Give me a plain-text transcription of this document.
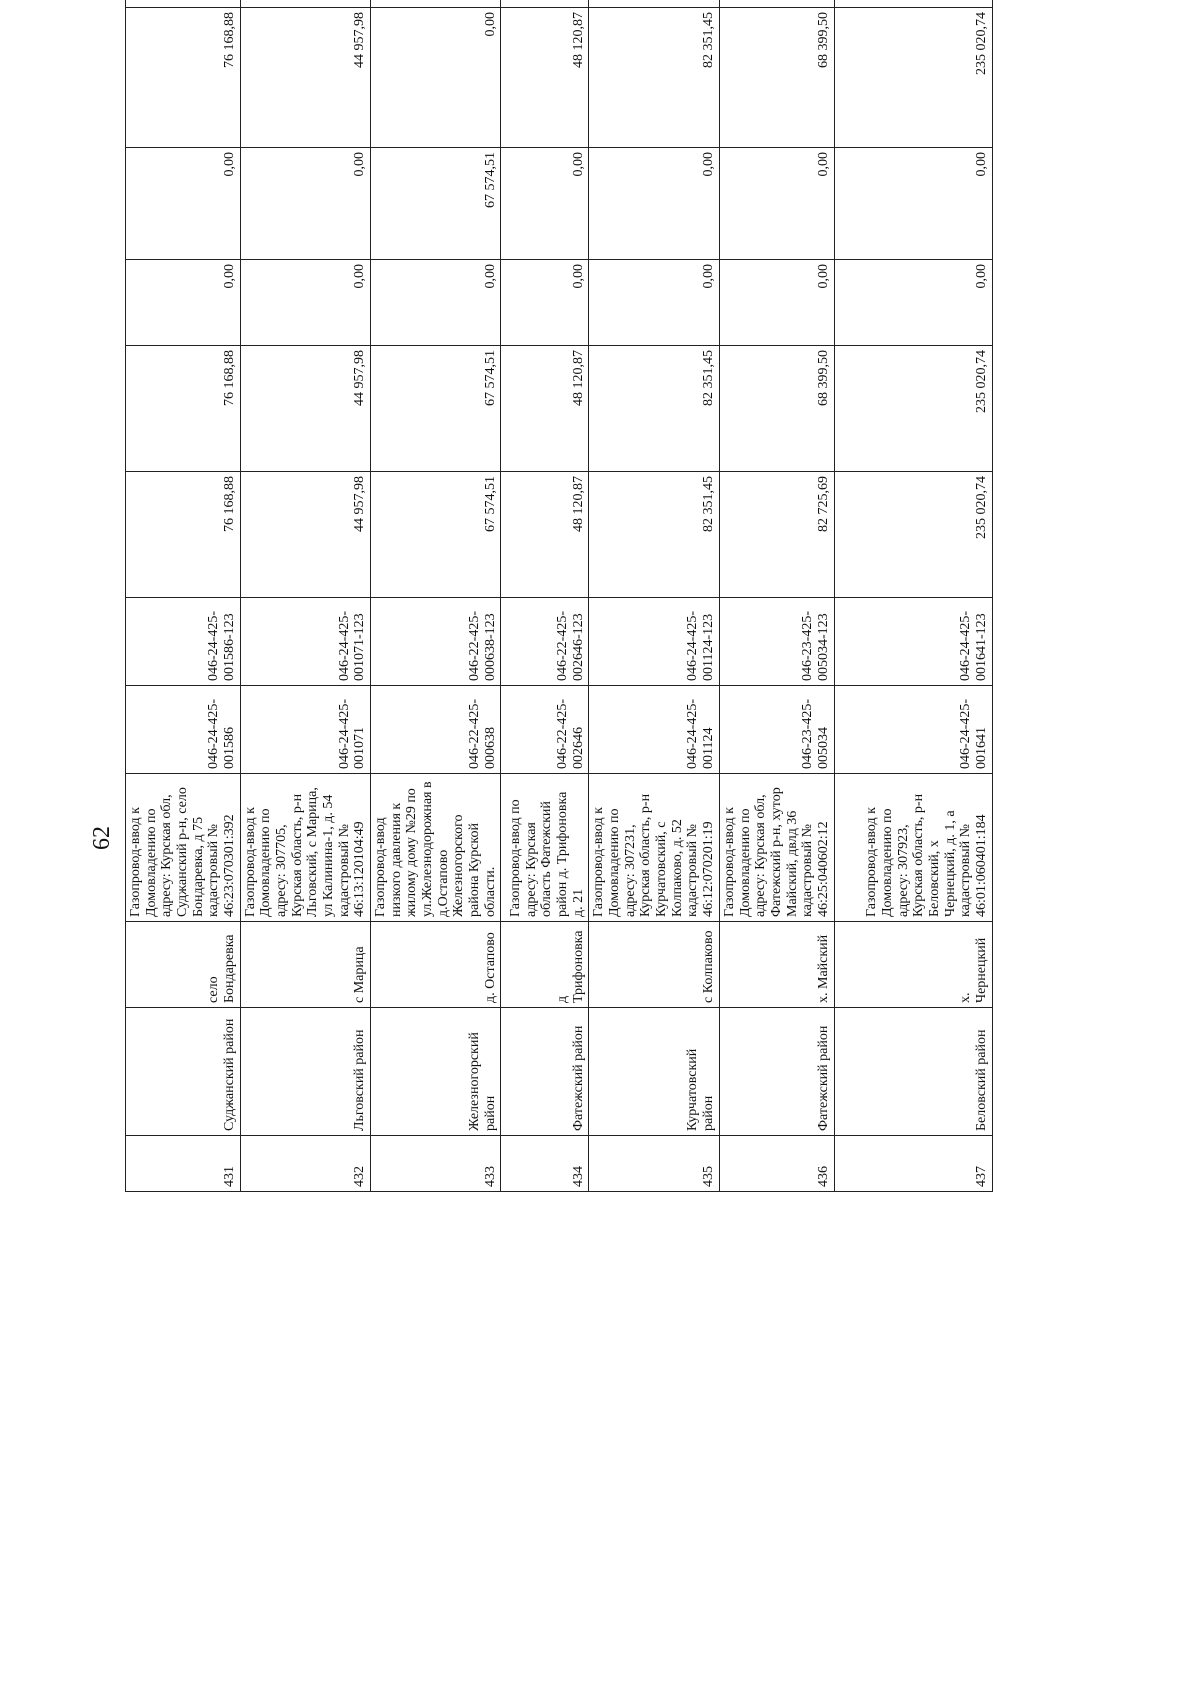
62
431	Суджанский район	село Бондаревка	Газопровод-ввод к Домовладению по адресу: Курская обл, Суджанский р-н, село Бондаревка, д 75 кадастровый № 46:23:070301:392	046-24-425-001586	046-24-425-001586-123	76 168,88	76 168,88	0,00	0,00	76 168,88	
432	Льговский район	с Марица	Газопровод-ввод к Домовладению по адресу: 307705, Курская область, р-н Льговский, с Марица, ул Калинина-1, д. 54 кадастровый № 46:13:120104:49	046-24-425-001071	046-24-425-001071-123	44 957,98	44 957,98	0,00	0,00	44 957,98	
433	Железногорский район	д. Остапово	Газопровод-ввод низкого давления к жилому дому №29 по ул.Железнодорожная в д.Остапово Железногорского района Курской области.	046-22-425-000638	046-22-425-000638-123	67 574,51	67 574,51	0,00	67 574,51	0,00	
434	Фатежский район	д Трифоновка	Газопровод-ввод по адресу: Курская область Фатежский район д. Трифоновка д. 21	046-22-425-002646	046-22-425-002646-123	48 120,87	48 120,87	0,00	0,00	48 120,87	
435	Курчатовский район	с Колпаково	Газопровод-ввод к Домовладению по адресу: 307231, Курская область, р-н Курчатовский, с Колпаково, д. 52 кадастровый № 46:12:070201:19	046-24-425-001124	046-24-425-001124-123	82 351,45	82 351,45	0,00	0,00	82 351,45	
436	Фатежский район	х. Майский	Газопровод-ввод к Домовладению по адресу: Курская обл, Фатежский р-н, хутор Майский, двлд 36 кадастровый № 46:25:040602:12	046-23-425-005034	046-23-425-005034-123	82 725,69	68 399,50	0,00	0,00	68 399,50	
437	Беловский район	х. Чернецкий	Газопровод-ввод к Домовладению по адресу: 307923, Курская область, р-н Беловский, х Чернецкий, д. 1, а кадастровый № 46:01:060401:184	046-24-425-001641	046-24-425-001641-123	235 020,74	235 020,74	0,00	0,00	235 020,74	
